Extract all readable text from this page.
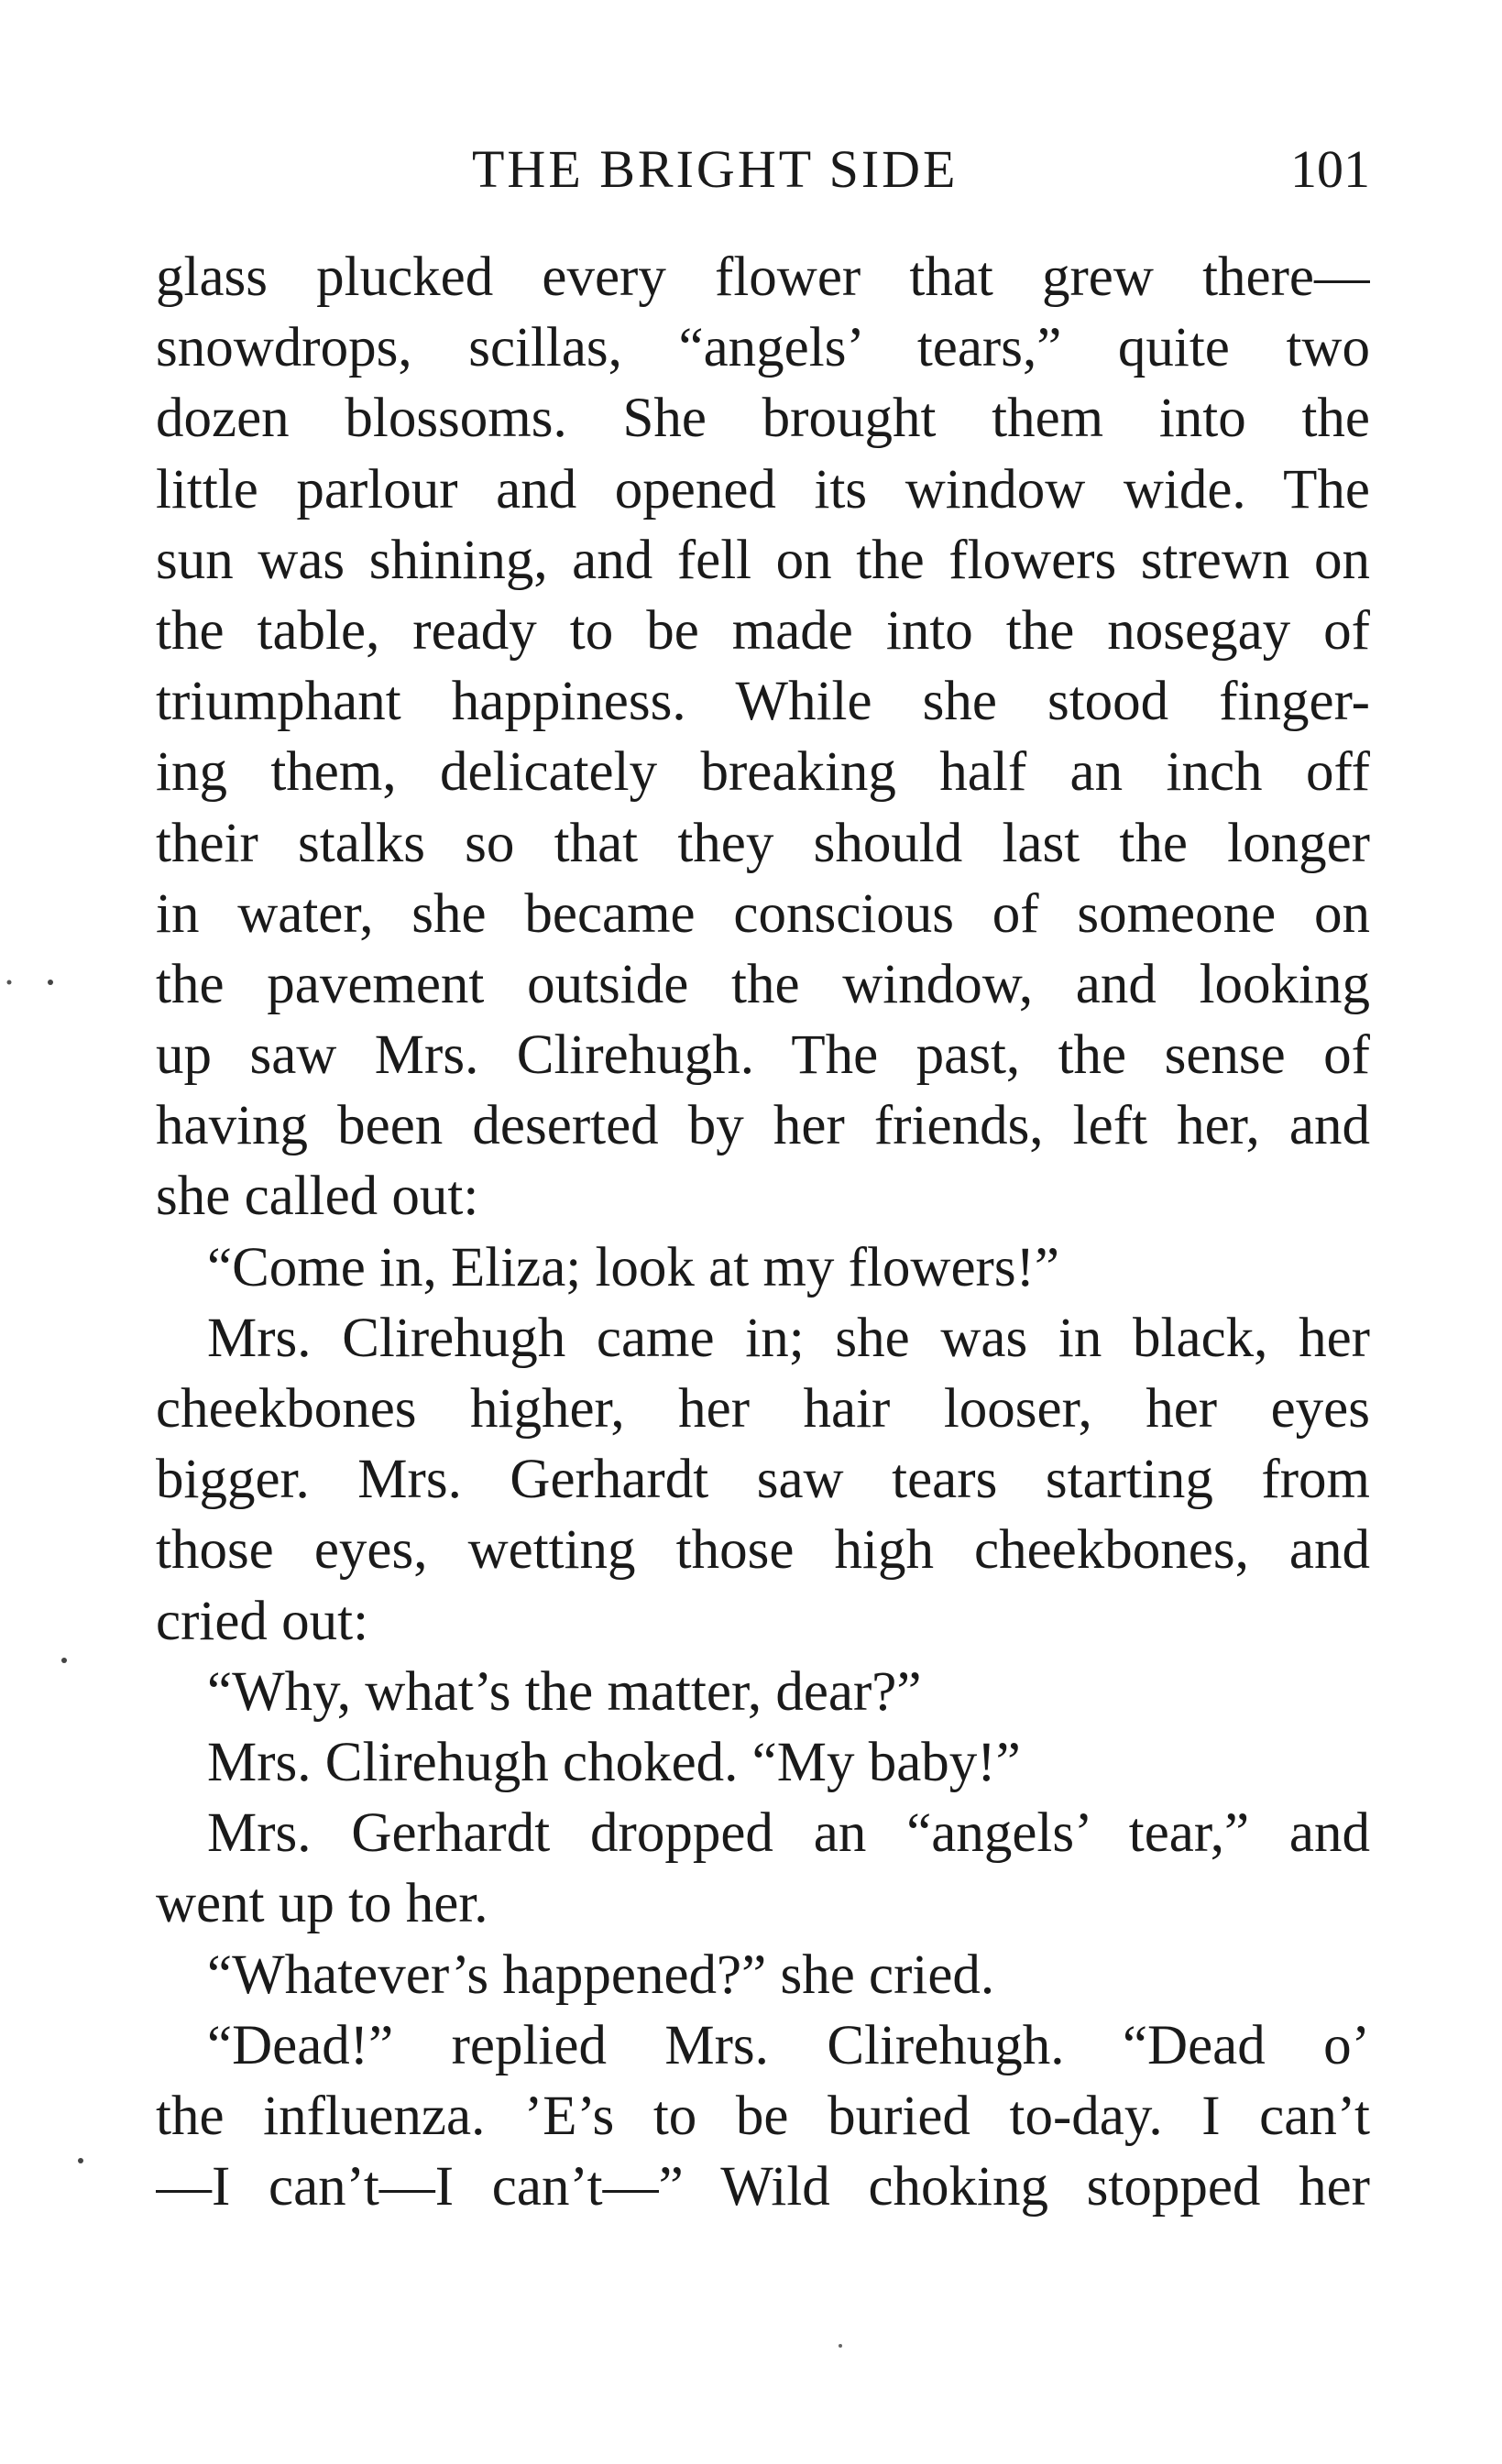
THE BRIGHT SIDE	101
glass plucked every flower that grew there—
snowdrops, scillas, “angels’ tears,” quite two
dozen blossoms. She brought them into the
little parlour and opened its window wide. The
sun was shining, and fell on the flowers strewn on
the table, ready to be made into the nosegay of
triumphant happiness. While she stood finger-
ing them, delicately breaking half an inch off
their stalks so that they should last the longer
in water, she became conscious of someone on
the pavement outside the window, and looking
up saw Mrs. Clirehugh. The past, the sense of
having been deserted by her friends, left her, and
she called out:
“Come in, Eliza; look at my flowers!”
Mrs. Clirehugh came in; she was in black, her
cheekbones higher, her hair looser, her eyes
bigger. Mrs. Gerhardt saw tears starting from
those eyes, wetting those high cheekbones, and
cried out:
“Why, what’s the matter, dear?”
Mrs. Clirehugh choked. “My baby!”
Mrs. Gerhardt dropped an “angels’ tear,” and
went up to her.
“Whatever’s happened?” she cried.
“Dead!” replied Mrs. Clirehugh. “Dead o’
the influenza. ’E’s to be buried to-day. I can’t
—I can’t—I can’t—” Wild choking stopped her
